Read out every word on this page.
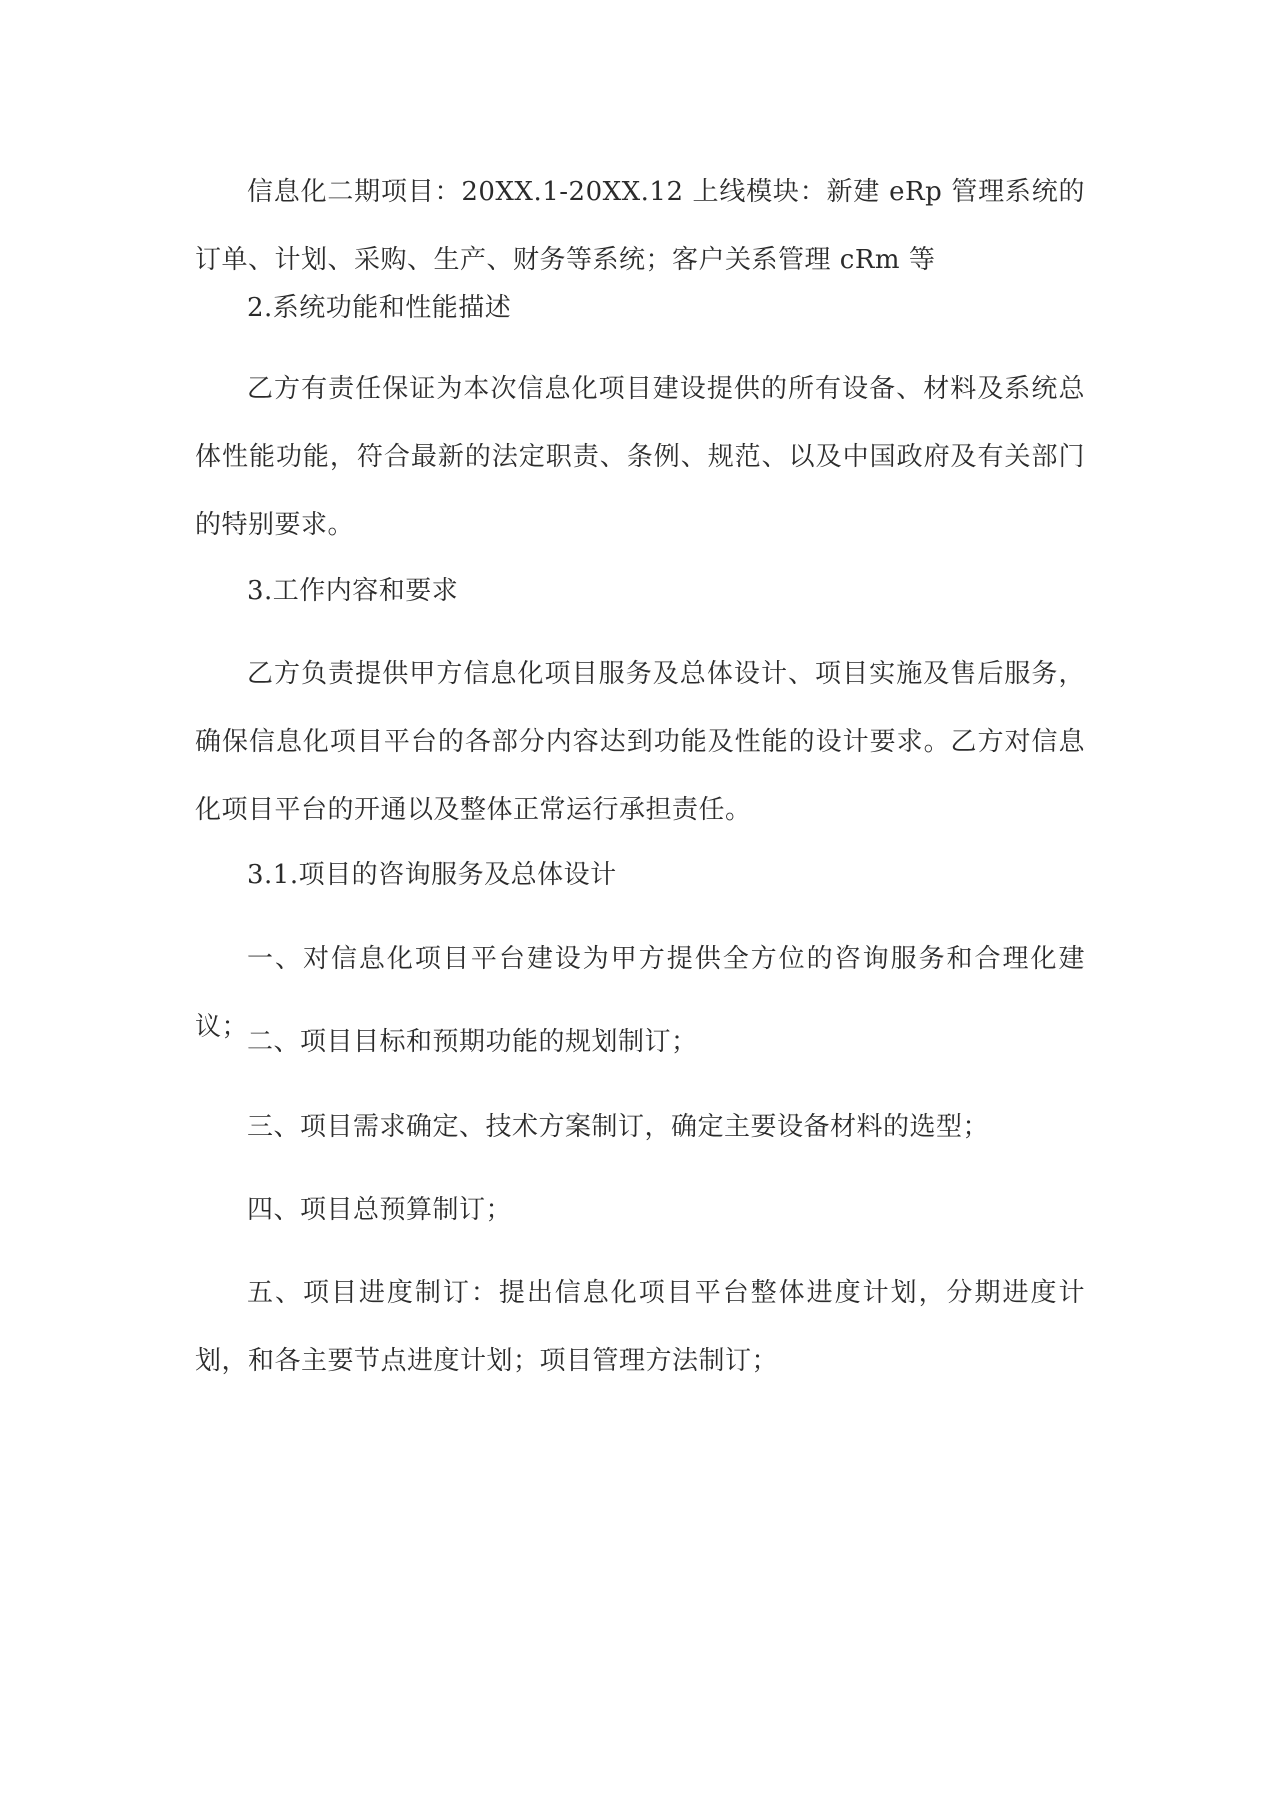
信息化二期项目：20XX.1-20XX.12 上线模块：新建 eRp 管理系统的订单、计划、采购、生产、财务等系统；客户关系管理 cRm 等

2.系统功能和性能描述

乙方有责任保证为本次信息化项目建设提供的所有设备、材料及系统总体性能功能，符合最新的法定职责、条例、规范、以及中国政府及有关部门的特别要求。

3.工作内容和要求

乙方负责提供甲方信息化项目服务及总体设计、项目实施及售后服务，确保信息化项目平台的各部分内容达到功能及性能的设计要求。乙方对信息化项目平台的开通以及整体正常运行承担责任。

3.1.项目的咨询服务及总体设计

一、对信息化项目平台建设为甲方提供全方位的咨询服务和合理化建议；

二、项目目标和预期功能的规划制订；

三、项目需求确定、技术方案制订，确定主要设备材料的选型；

四、项目总预算制订；

五、项目进度制订：提出信息化项目平台整体进度计划，分期进度计划，和各主要节点进度计划；项目管理方法制订；
